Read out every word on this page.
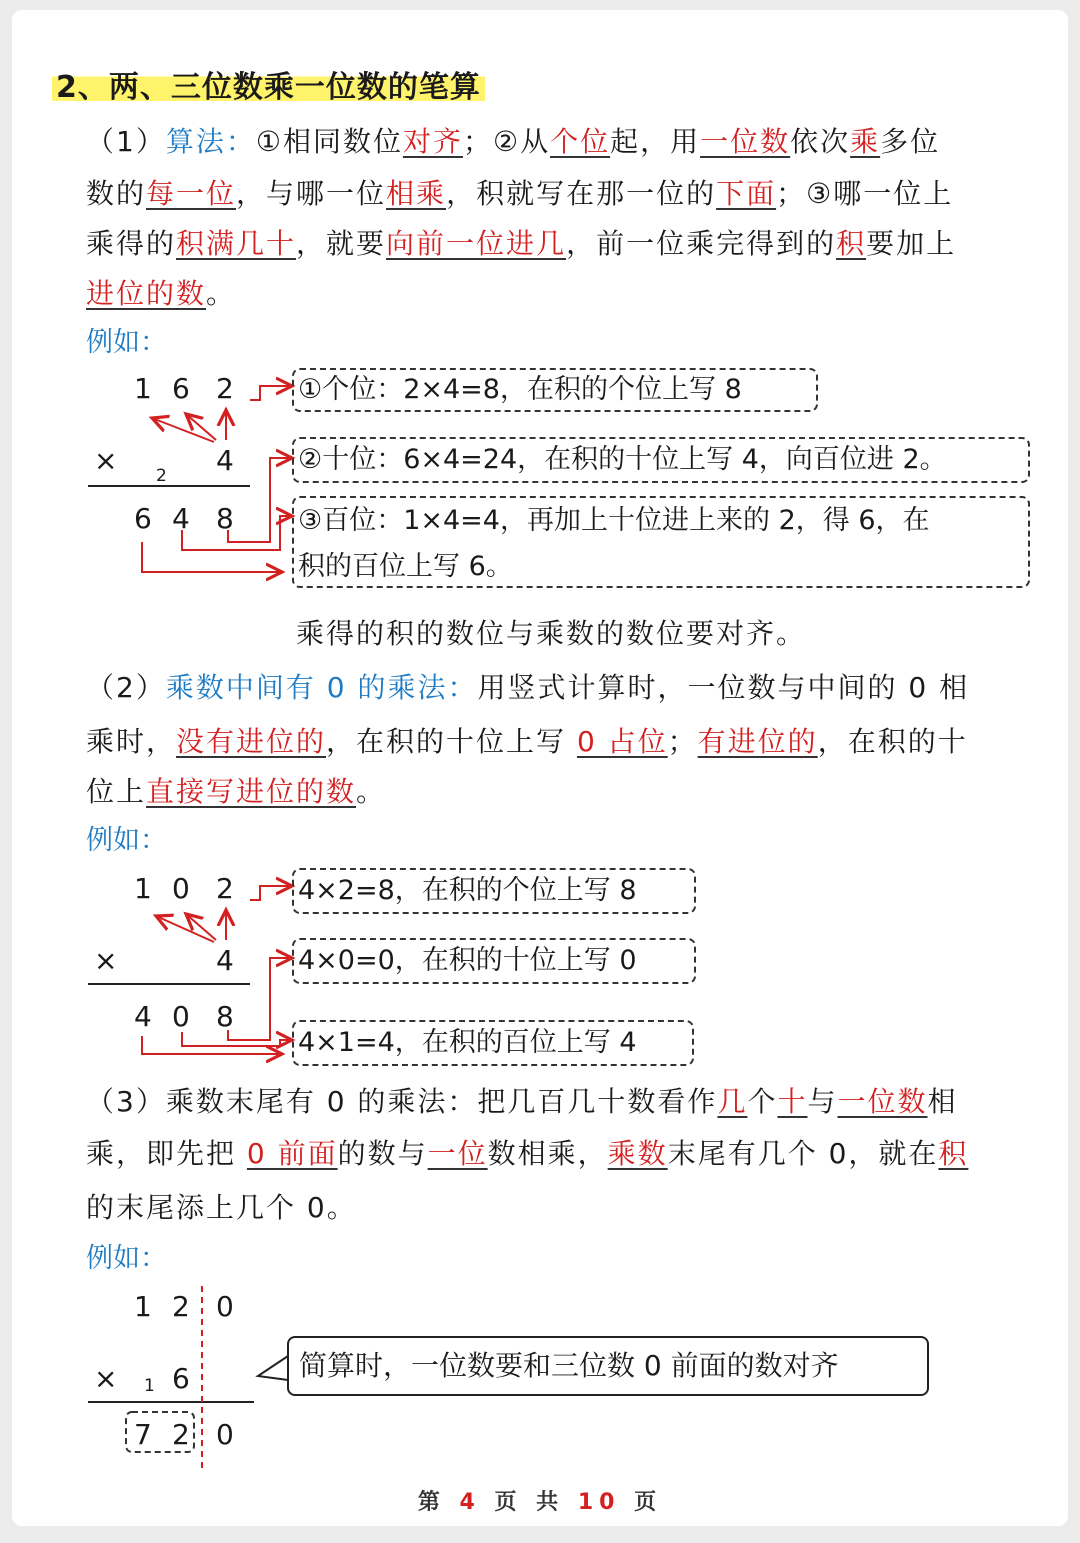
2、两、三位数乘一位数的笔算
（1）算法：①相同数位对齐；②从个位起，用一位数依次乘多位
数的每一位，与哪一位相乘，积就写在那一位的下面；③哪一位上
乘得的积满几十，就要向前一位进几，前一位乘完得到的积要加上
进位的数。
例如：
1 6 2
× 2 4
6 4 8
①个位：2×4=8，在积的个位上写 8
②十位：6×4=24，在积的十位上写 4，向百位进 2。
③百位：1×4=4，再加上十位进上来的 2，得 6，在
积的百位上写 6。
乘得的积的数位与乘数的数位要对齐。
（2）乘数中间有 0 的乘法：用竖式计算时，一位数与中间的 0 相
乘时，没有进位的，在积的十位上写 0 占位；有进位的，在积的十
位上直接写进位的数。
例如：
1 0 2
×	4
4 0 8
4×2=8，在积的个位上写 8
4×0=0，在积的十位上写 0
4×1=4，在积的百位上写 4
（3）乘数末尾有 0 的乘法：把几百几十数看作几个十与一位数相
乘，即先把 0 前面的数与一位数相乘，乘数末尾有几个 0，就在积
的末尾添上几个 0。
例如：
1 2 0
× 1 6
7 2 0
简算时，一位数要和三位数 0 前面的数对齐
第 4 页 共 10 页
